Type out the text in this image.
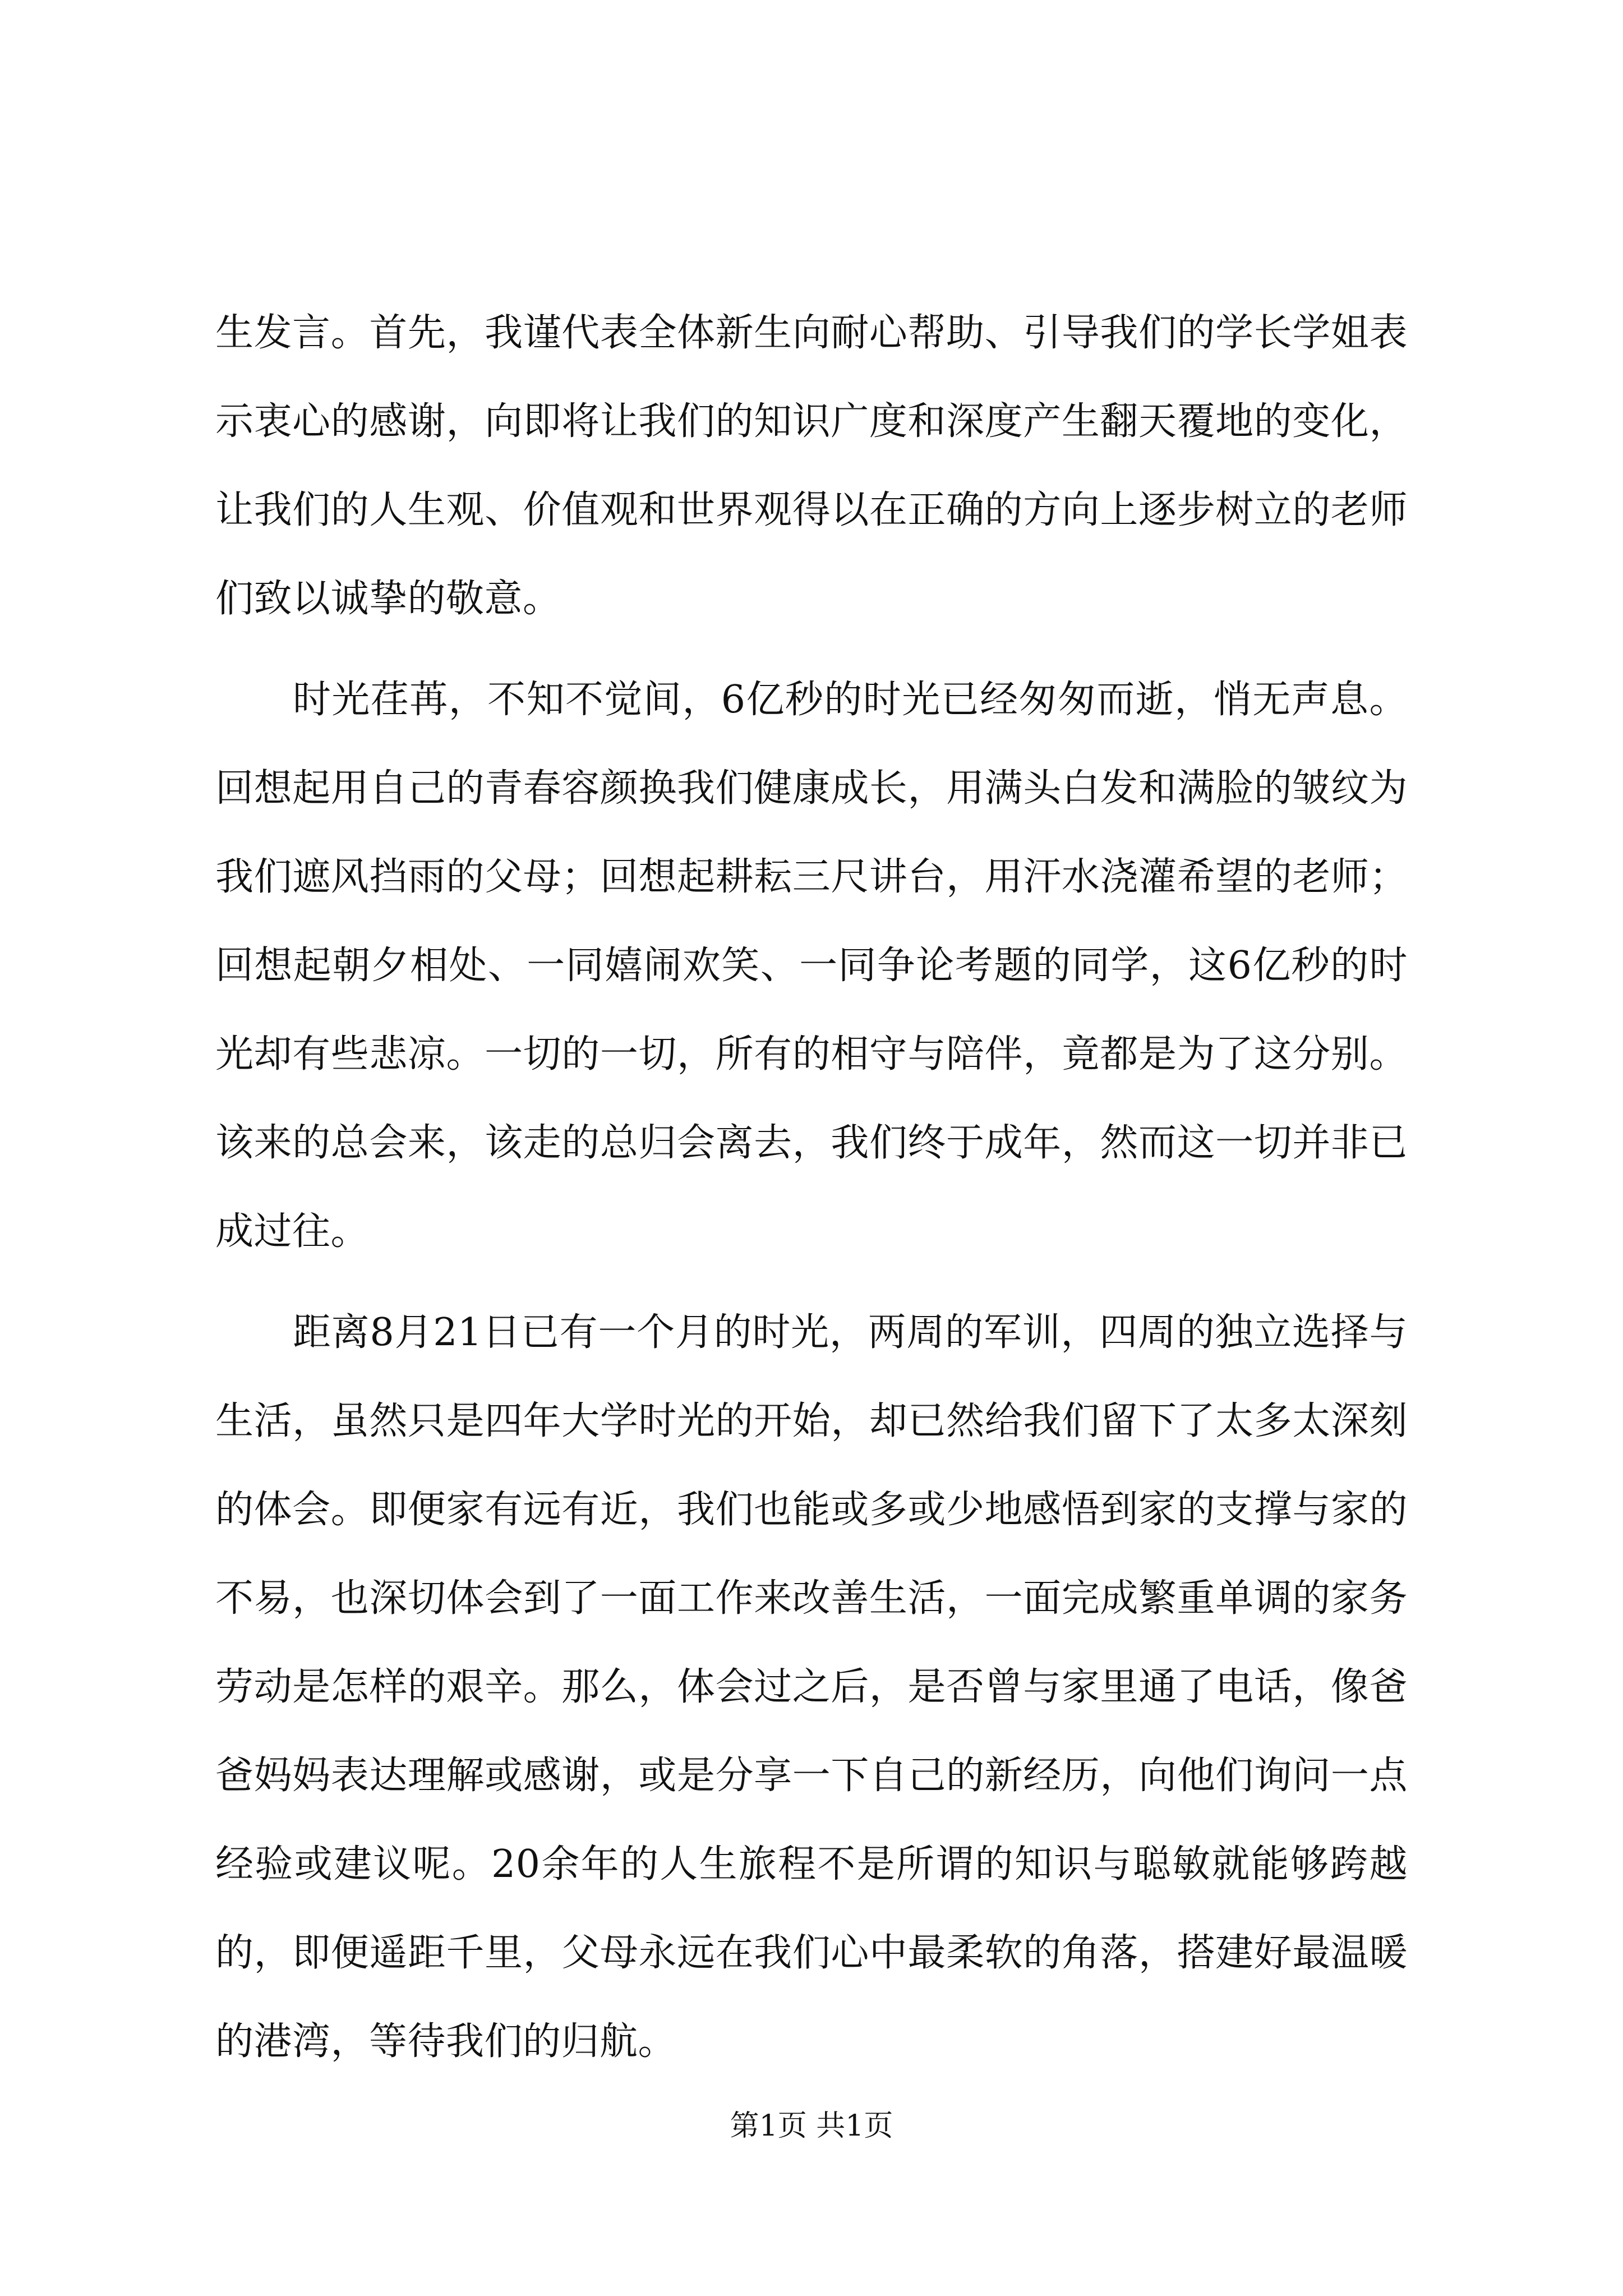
生发言。首先，我谨代表全体新生向耐心帮助、引导我们的学长学姐表示衷心的感谢，向即将让我们的知识广度和深度产生翻天覆地的变化，让我们的人生观、价值观和世界观得以在正确的方向上逐步树立的老师们致以诚挚的敬意。

时光荏苒，不知不觉间，6亿秒的时光已经匆匆而逝，悄无声息。回想起用自己的青春容颜换我们健康成长，用满头白发和满脸的皱纹为我们遮风挡雨的父母；回想起耕耘三尺讲台，用汗水浇灌希望的老师；回想起朝夕相处、一同嬉闹欢笑、一同争论考题的同学，这6亿秒的时光却有些悲凉。一切的一切，所有的相守与陪伴，竟都是为了这分别。该来的总会来，该走的总归会离去，我们终于成年，然而这一切并非已成过往。

距离8月21日已有一个月的时光，两周的军训，四周的独立选择与生活，虽然只是四年大学时光的开始，却已然给我们留下了太多太深刻的体会。即便家有远有近，我们也能或多或少地感悟到家的支撑与家的不易，也深切体会到了一面工作来改善生活，一面完成繁重单调的家务劳动是怎样的艰辛。那么，体会过之后，是否曾与家里通了电话，像爸爸妈妈表达理解或感谢，或是分享一下自己的新经历，向他们询问一点经验或建议呢。20余年的人生旅程不是所谓的知识与聪敏就能够跨越的，即便遥距千里，父母永远在我们心中最柔软的角落，搭建好最温暖的港湾，等待我们的归航。

第1页 共1页
